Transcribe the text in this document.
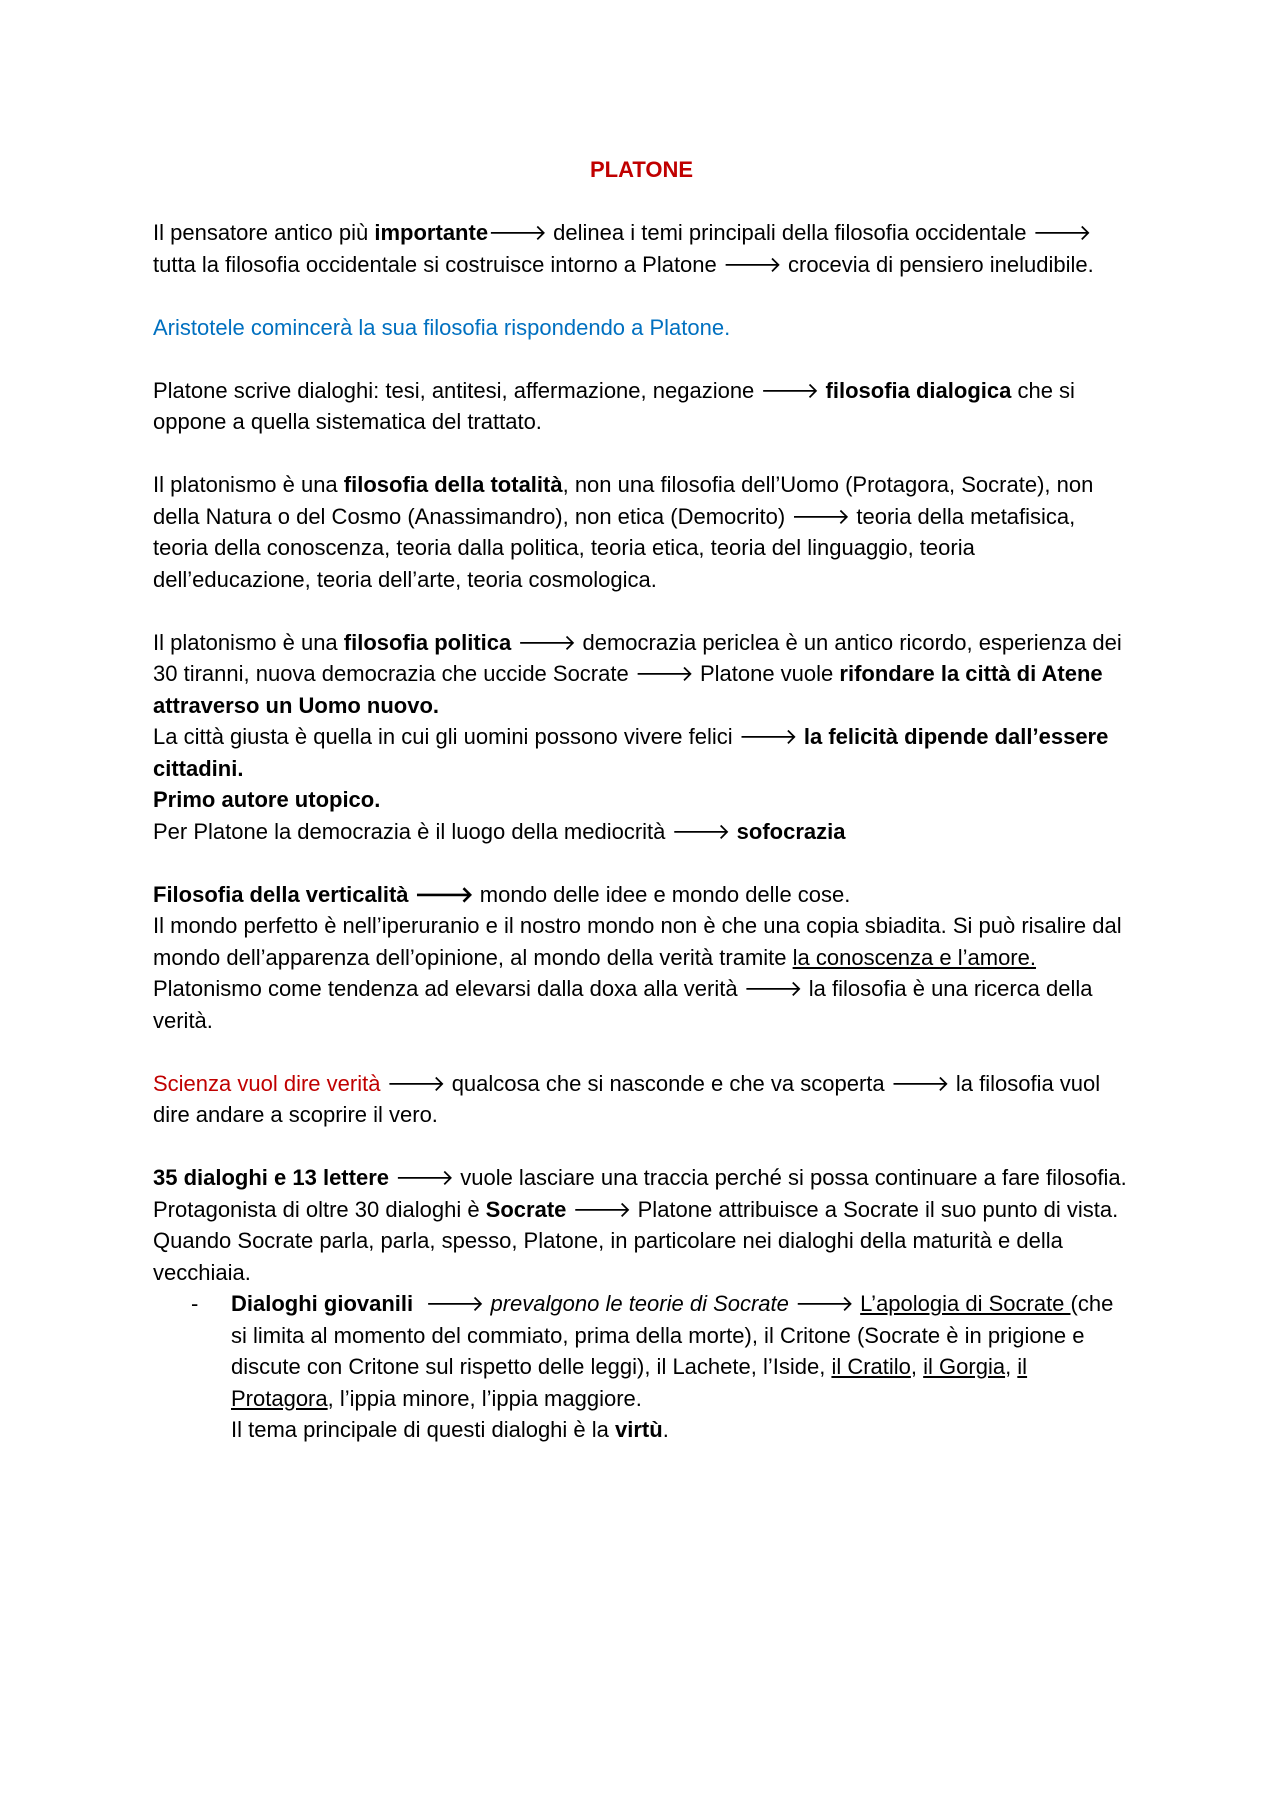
PLATONE

Il pensatore antico più importante🡒 delinea i temi principali della filosofia occidentale 🡒 tutta la filosofia occidentale si costruisce intorno a Platone 🡒 crocevia di pensiero ineludibile.

Aristotele comincerà la sua filosofia rispondendo a Platone.

Platone scrive dialoghi: tesi, antitesi, affermazione, negazione 🡒 filosofia dialogica che si oppone a quella sistematica del trattato.

Il platonismo è una filosofia della totalità, non una filosofia dell’Uomo (Protagora, Socrate), non della Natura o del Cosmo (Anassimandro), non etica (Democrito) 🡒 teoria della metafisica, teoria della conoscenza, teoria dalla politica, teoria etica, teoria del linguaggio, teoria dell’educazione, teoria dell’arte, teoria cosmologica.

Il platonismo è una filosofia politica 🡒 democrazia periclea è un antico ricordo, esperienza dei 30 tiranni, nuova democrazia che uccide Socrate 🡒 Platone vuole rifondare la città di Atene attraverso un Uomo nuovo.

La città giusta è quella in cui gli uomini possono vivere felici 🡒 la felicità dipende dall’essere cittadini.

Primo autore utopico.

Per Platone la democrazia è il luogo della mediocrità 🡒 sofocrazia

Filosofia della verticalità 🡒 mondo delle idee e mondo delle cose.

Il mondo perfetto è nell’iperuranio e il nostro mondo non è che una copia sbiadita. Si può risalire dal mondo dell’apparenza dell’opinione, al mondo della verità tramite la conoscenza e l’amore.

Platonismo come tendenza ad elevarsi dalla doxa alla verità 🡒 la filosofia è una ricerca della verità.

Scienza vuol dire verità 🡒 qualcosa che si nasconde e che va scoperta 🡒 la filosofia vuol dire andare a scoprire il vero.

35 dialoghi e 13 lettere 🡒 vuole lasciare una traccia perché si possa continuare a fare filosofia.

Protagonista di oltre 30 dialoghi è Socrate 🡒 Platone attribuisce a Socrate il suo punto di vista. Quando Socrate parla, parla, spesso, Platone, in particolare nei dialoghi della maturità e della vecchiaia.

- Dialoghi giovanili 🡒 prevalgono le teorie di Socrate 🡒 L’apologia di Socrate (che si limita al momento del commiato, prima della morte), il Critone (Socrate è in prigione e discute con Critone sul rispetto delle leggi), il Lachete, l’Iside, il Cratilo, il Gorgia, il Protagora, l’ippia minore, l’ippia maggiore.
Il tema principale di questi dialoghi è la virtù.
